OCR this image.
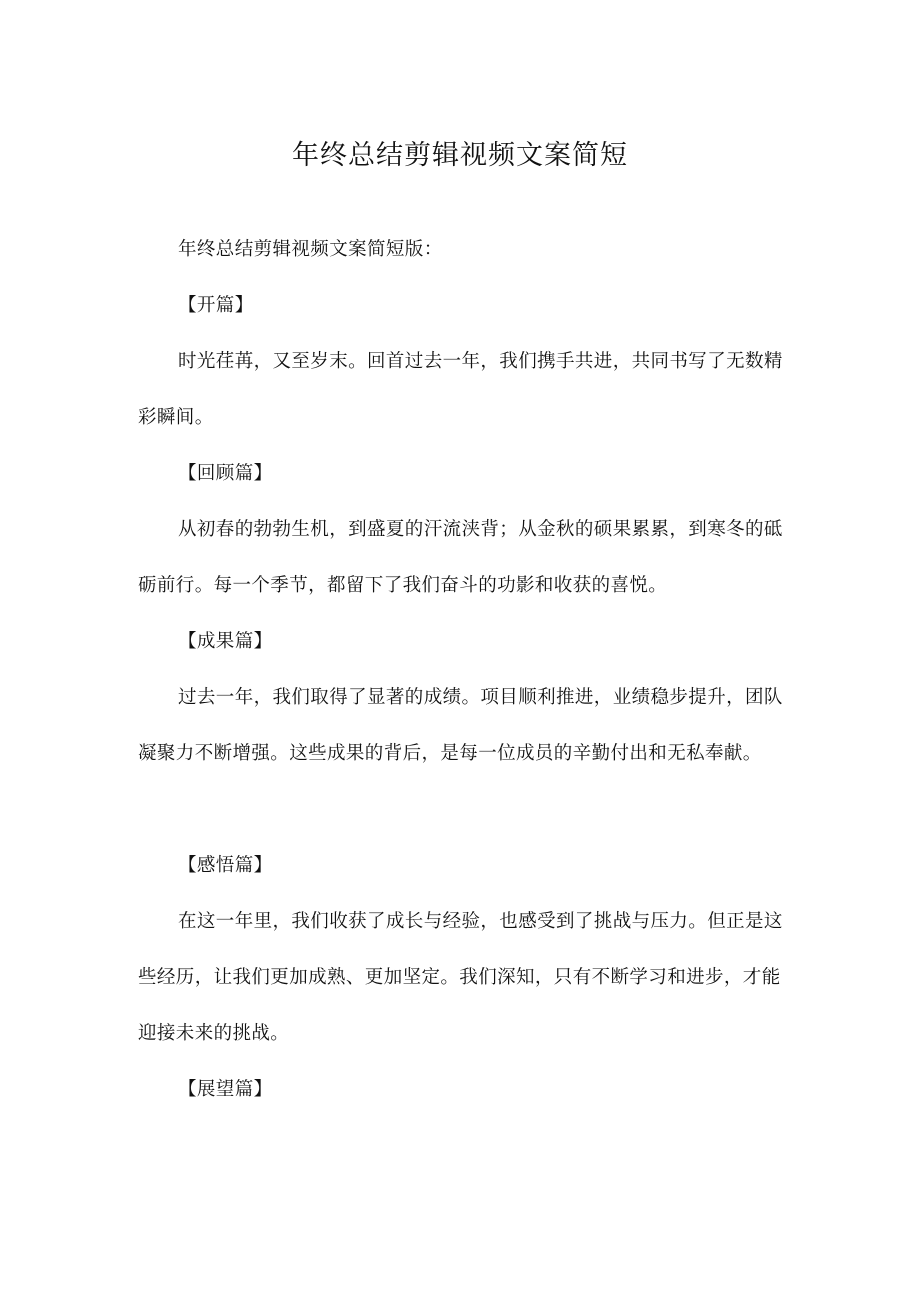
年终总结剪辑视频文案简短

年终总结剪辑视频文案简短版：

【开篇】

时光荏苒，又至岁末。回首过去一年，我们携手共进，共同书写了无数精彩瞬间。

【回顾篇】

从初春的勃勃生机，到盛夏的汗流浃背；从金秋的硕果累累，到寒冬的砥砺前行。每一个季节，都留下了我们奋斗的功影和收获的喜悦。

【成果篇】

过去一年，我们取得了显著的成绩。项目顺利推进，业绩稳步提升，团队凝聚力不断增强。这些成果的背后，是每一位成员的辛勤付出和无私奉献。

【感悟篇】

在这一年里，我们收获了成长与经验，也感受到了挑战与压力。但正是这些经历，让我们更加成熟、更加坚定。我们深知，只有不断学习和进步，才能迎接未来的挑战。

【展望篇】
